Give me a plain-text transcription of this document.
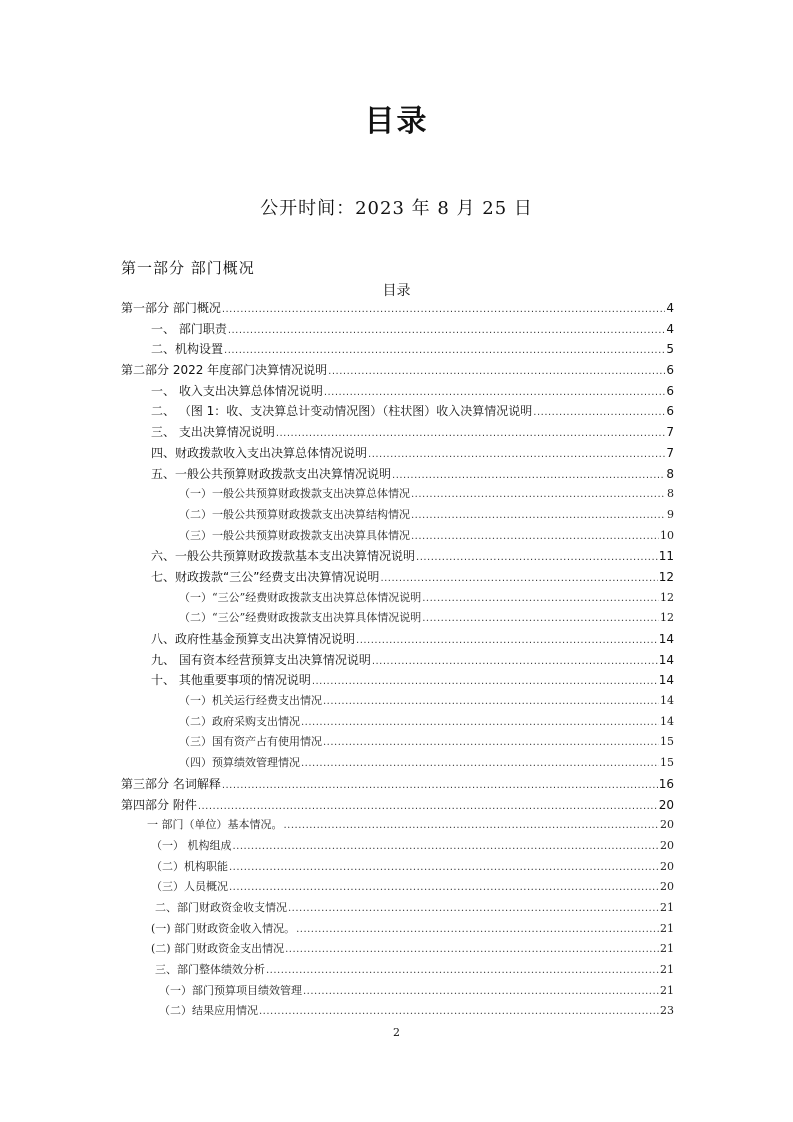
目录
公开时间：2023 年 8 月 25 日
第一部分 部门概况
目录
第一部分 部门概况 .....	4
一、 部门职责 .....	4
二、机构设置 .....	5
第二部分 2022 年度部门决算情况说明 .....	6
一、 收入支出决算总体情况说明 .....	6
二、 （图 1：收、支决算总计变动情况图）（柱状图）收入决算情况说明 .....	6
三、 支出决算情况说明 .....	7
四、财政拨款收入支出决算总体情况说明 .....	7
五、一般公共预算财政拨款支出决算情况说明 .....	8
（一）一般公共预算财政拨款支出决算总体情况 .....	8
（二）一般公共预算财政拨款支出决算结构情况 .....	9
（三）一般公共预算财政拨款支出决算具体情况 .....	10
六、一般公共预算财政拨款基本支出决算情况说明 .....	11
七、财政拨款“三公”经费支出决算情况说明 .....	12
（一）“三公”经费财政拨款支出决算总体情况说明 .....	12
（二）“三公”经费财政拨款支出决算具体情况说明 .....	12
八、政府性基金预算支出决算情况说明 .....	14
九、 国有资本经营预算支出决算情况说明 .....	14
十、 其他重要事项的情况说明 .....	14
（一）机关运行经费支出情况 .....	14
（二）政府采购支出情况 .....	14
（三）国有资产占有使用情况 .....	15
（四）预算绩效管理情况 .....	15
第三部分 名词解释 .....	16
第四部分 附件 .....	20
一 部门（单位）基本情况。 .....	20
（一） 机构组成 .....	20
（二）机构职能 .....	20
（三）人员概况 .....	20
二、部门财政资金收支情况 .....	21
(一) 部门财政资金收入情况。 .....	21
(二) 部门财政资金支出情况 .....	21
三、部门整体绩效分析 .....	21
（一）部门预算项目绩效管理 .....	21
（二）结果应用情况 .....	23
2
